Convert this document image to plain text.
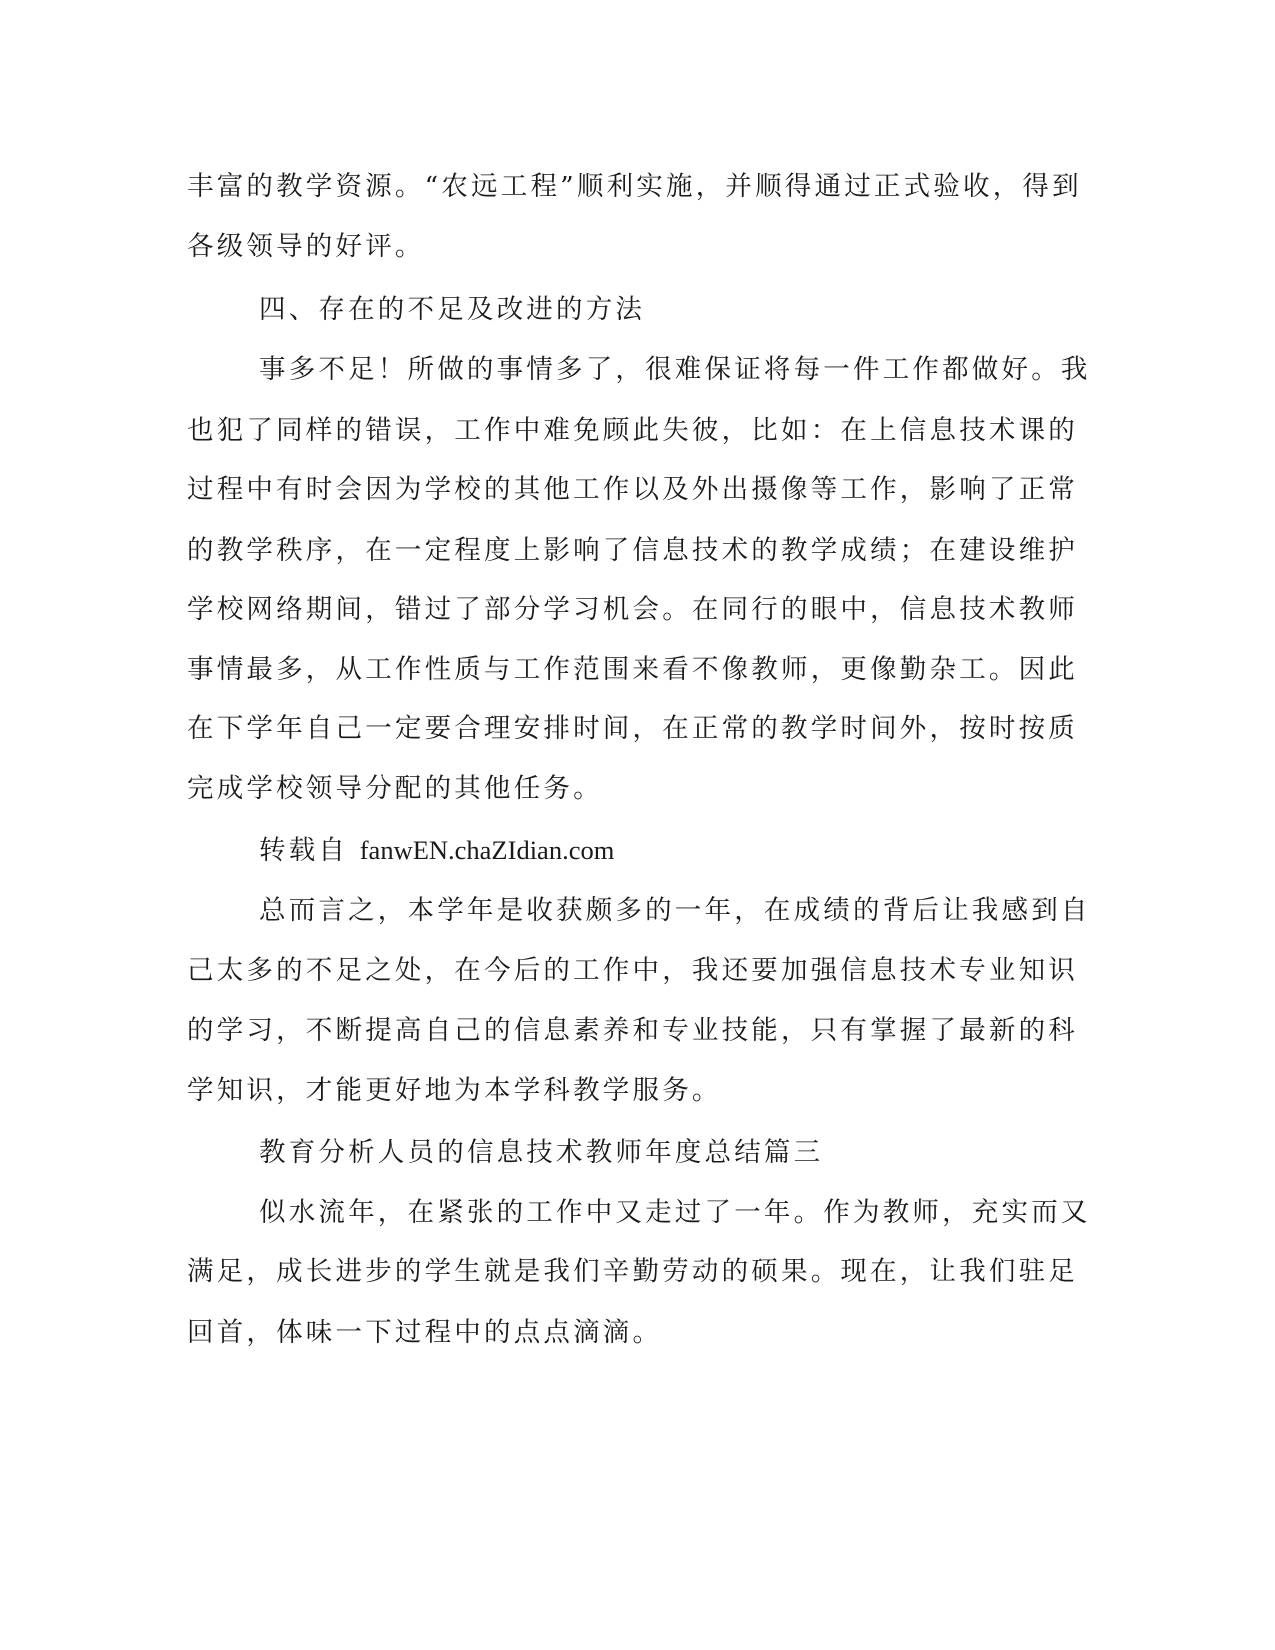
丰富的教学资源。“农远工程”顺利实施，并顺得通过正式验收，得到
各级领导的好评。
四、存在的不足及改进的方法
事多不足！所做的事情多了，很难保证将每一件工作都做好。我
也犯了同样的错误，工作中难免顾此失彼，比如：在上信息技术课的
过程中有时会因为学校的其他工作以及外出摄像等工作，影响了正常
的教学秩序，在一定程度上影响了信息技术的教学成绩；在建设维护
学校网络期间，错过了部分学习机会。在同行的眼中，信息技术教师
事情最多，从工作性质与工作范围来看不像教师，更像勤杂工。因此
在下学年自己一定要合理安排时间，在正常的教学时间外，按时按质
完成学校领导分配的其他任务。
转载自 fanwEN.chaZIdian.com
总而言之，本学年是收获颇多的一年，在成绩的背后让我感到自
己太多的不足之处，在今后的工作中，我还要加强信息技术专业知识
的学习，不断提高自己的信息素养和专业技能，只有掌握了最新的科
学知识，才能更好地为本学科教学服务。
教育分析人员的信息技术教师年度总结篇三
似水流年，在紧张的工作中又走过了一年。作为教师，充实而又
满足，成长进步的学生就是我们辛勤劳动的硕果。现在，让我们驻足
回首，体味一下过程中的点点滴滴。
